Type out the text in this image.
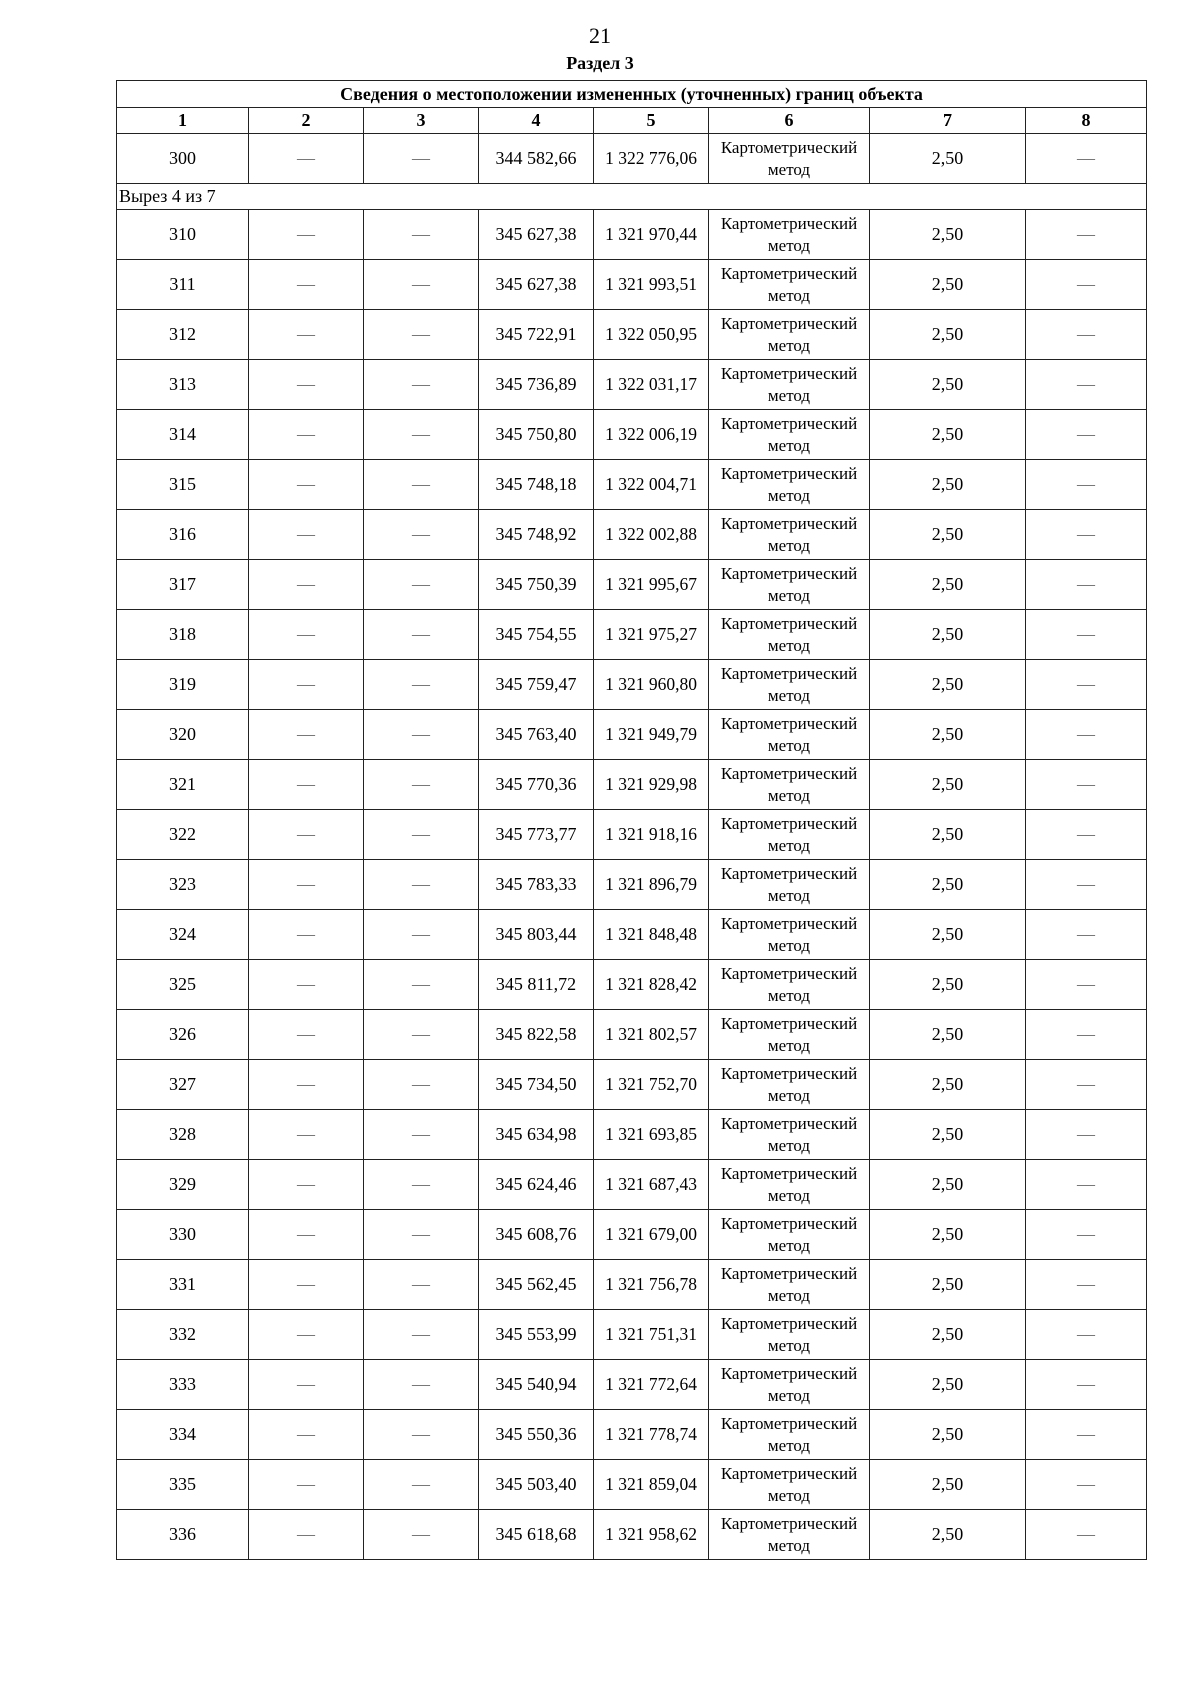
21
Раздел 3
Сведения о местоположении измененных (уточненных) границ объекта							
1	2	3	4	5	6	7	8
300	—	—	344 582,66	1 322 776,06	Картометрический метод	2,50	—
Вырез 4 из 7							
310	—	—	345 627,38	1 321 970,44	Картометрический метод	2,50	—
311	—	—	345 627,38	1 321 993,51	Картометрический метод	2,50	—
312	—	—	345 722,91	1 322 050,95	Картометрический метод	2,50	—
313	—	—	345 736,89	1 322 031,17	Картометрический метод	2,50	—
314	—	—	345 750,80	1 322 006,19	Картометрический метод	2,50	—
315	—	—	345 748,18	1 322 004,71	Картометрический метод	2,50	—
316	—	—	345 748,92	1 322 002,88	Картометрический метод	2,50	—
317	—	—	345 750,39	1 321 995,67	Картометрический метод	2,50	—
318	—	—	345 754,55	1 321 975,27	Картометрический метод	2,50	—
319	—	—	345 759,47	1 321 960,80	Картометрический метод	2,50	—
320	—	—	345 763,40	1 321 949,79	Картометрический метод	2,50	—
321	—	—	345 770,36	1 321 929,98	Картометрический метод	2,50	—
322	—	—	345 773,77	1 321 918,16	Картометрический метод	2,50	—
323	—	—	345 783,33	1 321 896,79	Картометрический метод	2,50	—
324	—	—	345 803,44	1 321 848,48	Картометрический метод	2,50	—
325	—	—	345 811,72	1 321 828,42	Картометрический метод	2,50	—
326	—	—	345 822,58	1 321 802,57	Картометрический метод	2,50	—
327	—	—	345 734,50	1 321 752,70	Картометрический метод	2,50	—
328	—	—	345 634,98	1 321 693,85	Картометрический метод	2,50	—
329	—	—	345 624,46	1 321 687,43	Картометрический метод	2,50	—
330	—	—	345 608,76	1 321 679,00	Картометрический метод	2,50	—
331	—	—	345 562,45	1 321 756,78	Картометрический метод	2,50	—
332	—	—	345 553,99	1 321 751,31	Картометрический метод	2,50	—
333	—	—	345 540,94	1 321 772,64	Картометрический метод	2,50	—
334	—	—	345 550,36	1 321 778,74	Картометрический метод	2,50	—
335	—	—	345 503,40	1 321 859,04	Картометрический метод	2,50	—
336	—	—	345 618,68	1 321 958,62	Картометрический метод	2,50	—
